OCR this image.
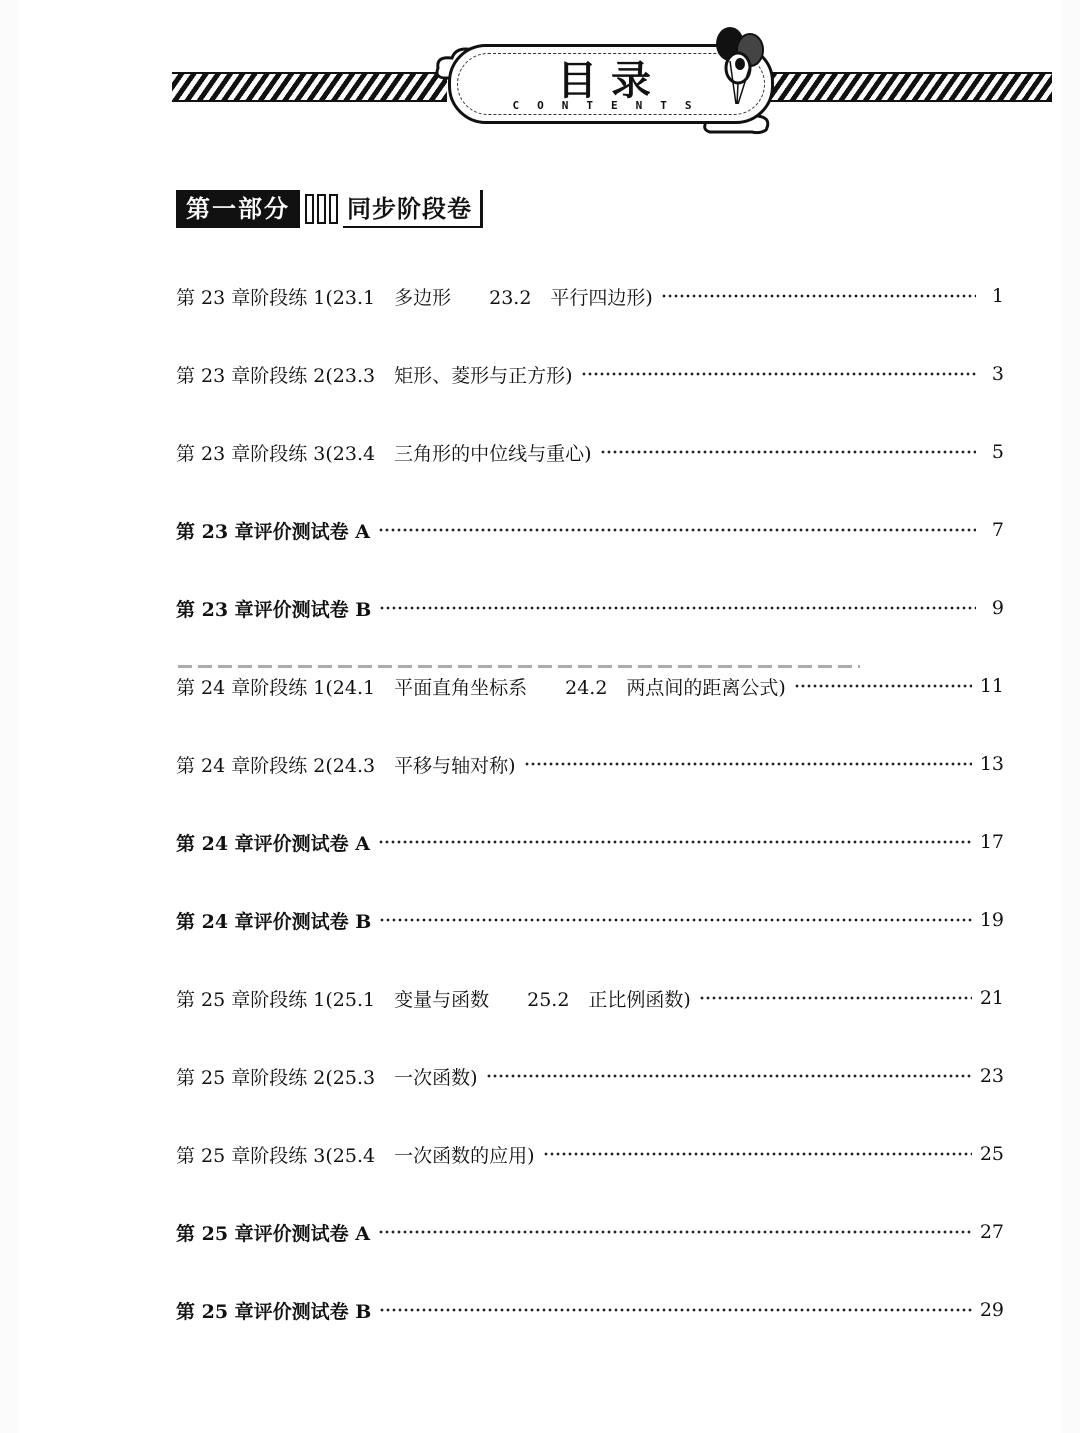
目录
CONTENTS
第一部分	同步阶段卷
第 23 章阶段练 1(23.1　多边形　　23.2　平行四边形)	1
第 23 章阶段练 2(23.3　矩形、菱形与正方形)	3
第 23 章阶段练 3(23.4　三角形的中位线与重心)	5
第 23 章评价测试卷 A	7
第 23 章评价测试卷 B	9
第 24 章阶段练 1(24.1　平面直角坐标系　　24.2　两点间的距离公式)	11
第 24 章阶段练 2(24.3　平移与轴对称)	13
第 24 章评价测试卷 A	17
第 24 章评价测试卷 B	19
第 25 章阶段练 1(25.1　变量与函数　　25.2　正比例函数)	21
第 25 章阶段练 2(25.3　一次函数)	23
第 25 章阶段练 3(25.4　一次函数的应用)	25
第 25 章评价测试卷 A	27
第 25 章评价测试卷 B	29
